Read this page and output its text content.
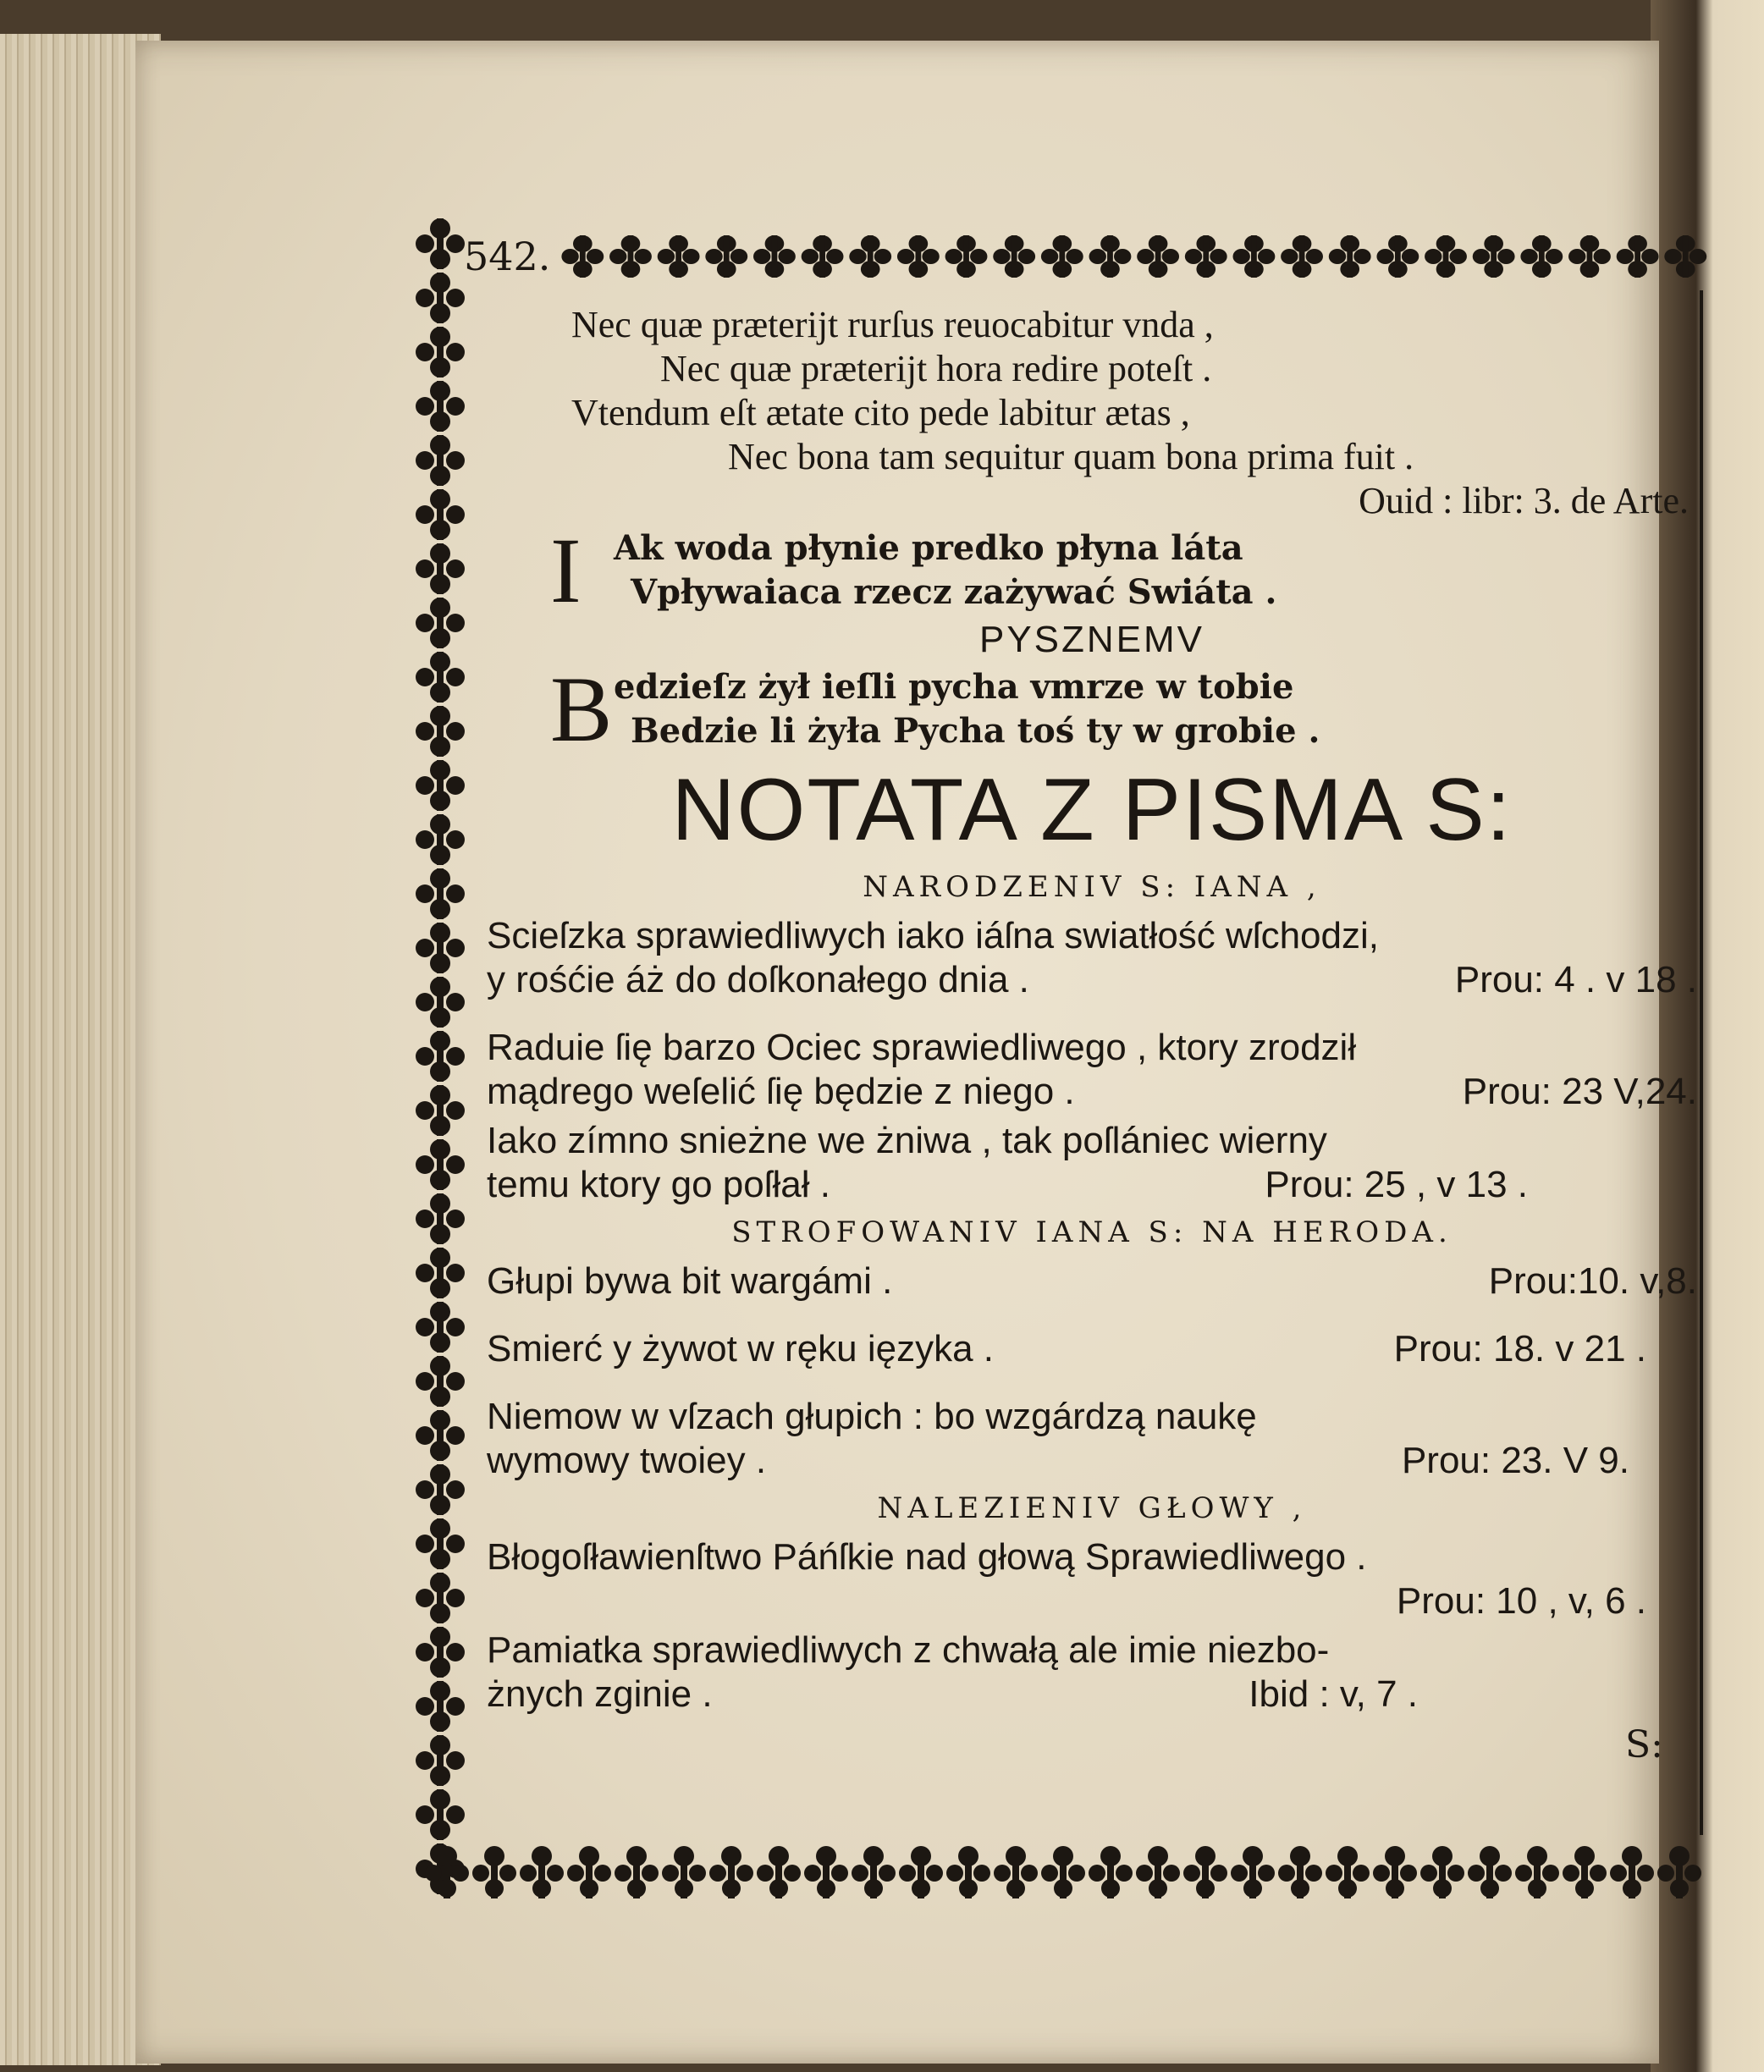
542.
Nec quæ præterijt rurſus reuocabitur vnda ,
Nec quæ præterijt hora redire poteſt .
Vtendum eſt ætate cito pede labitur ætas ,
Nec bona tam sequitur quam bona prima fuit .
Ouid : libr: 3. de Arte.
I Ak woda płynie predko płyna láta
Vpływaiaca rzecz zażywać Swiáta .
PYSZNEMV
B edzieſz żył ieſli pycha vmrze w tobie
Bedzie li żyła Pycha toś ty w grobie .
NOTATA Z PISMA S:
NARODZENIV S: IANA ,
Scieſzka sprawiedliwych iako iáſna swiatłość wſchodzi,
y rośćie áż do doſkonałego dnia .	Prou: 4 . v 18 .
Raduie ſię barzo Ociec sprawiedliwego , ktory zrodził
mądrego weſelić ſię będzie z niego .	Prou: 23 V,24.
Iako zímno snieżne we żniwa , tak poſlániec wierny
temu ktory go poſłał .	Prou: 25 , v 13 .
STROFOWANIV IANA S: NA HERODA.
Głupi bywa bit wargámi .	Prou:10. v,8.
Smierć y żywot w ręku ięzyka .	Prou: 18. v 21 .
Niemow w vſzach głupich : bo wzgárdzą naukę
wymowy twoiey .	Prou: 23. V 9.
NALEZIENIV GŁOWY ,
Błogoſławienſtwo Páńſkie nad głową Sprawiedliwego .
Prou: 10 , v, 6 .
Pamiatka sprawiedliwych z chwałą ale imie niezbo-
żnych zginie .	Ibid : v, 7 .
S:
